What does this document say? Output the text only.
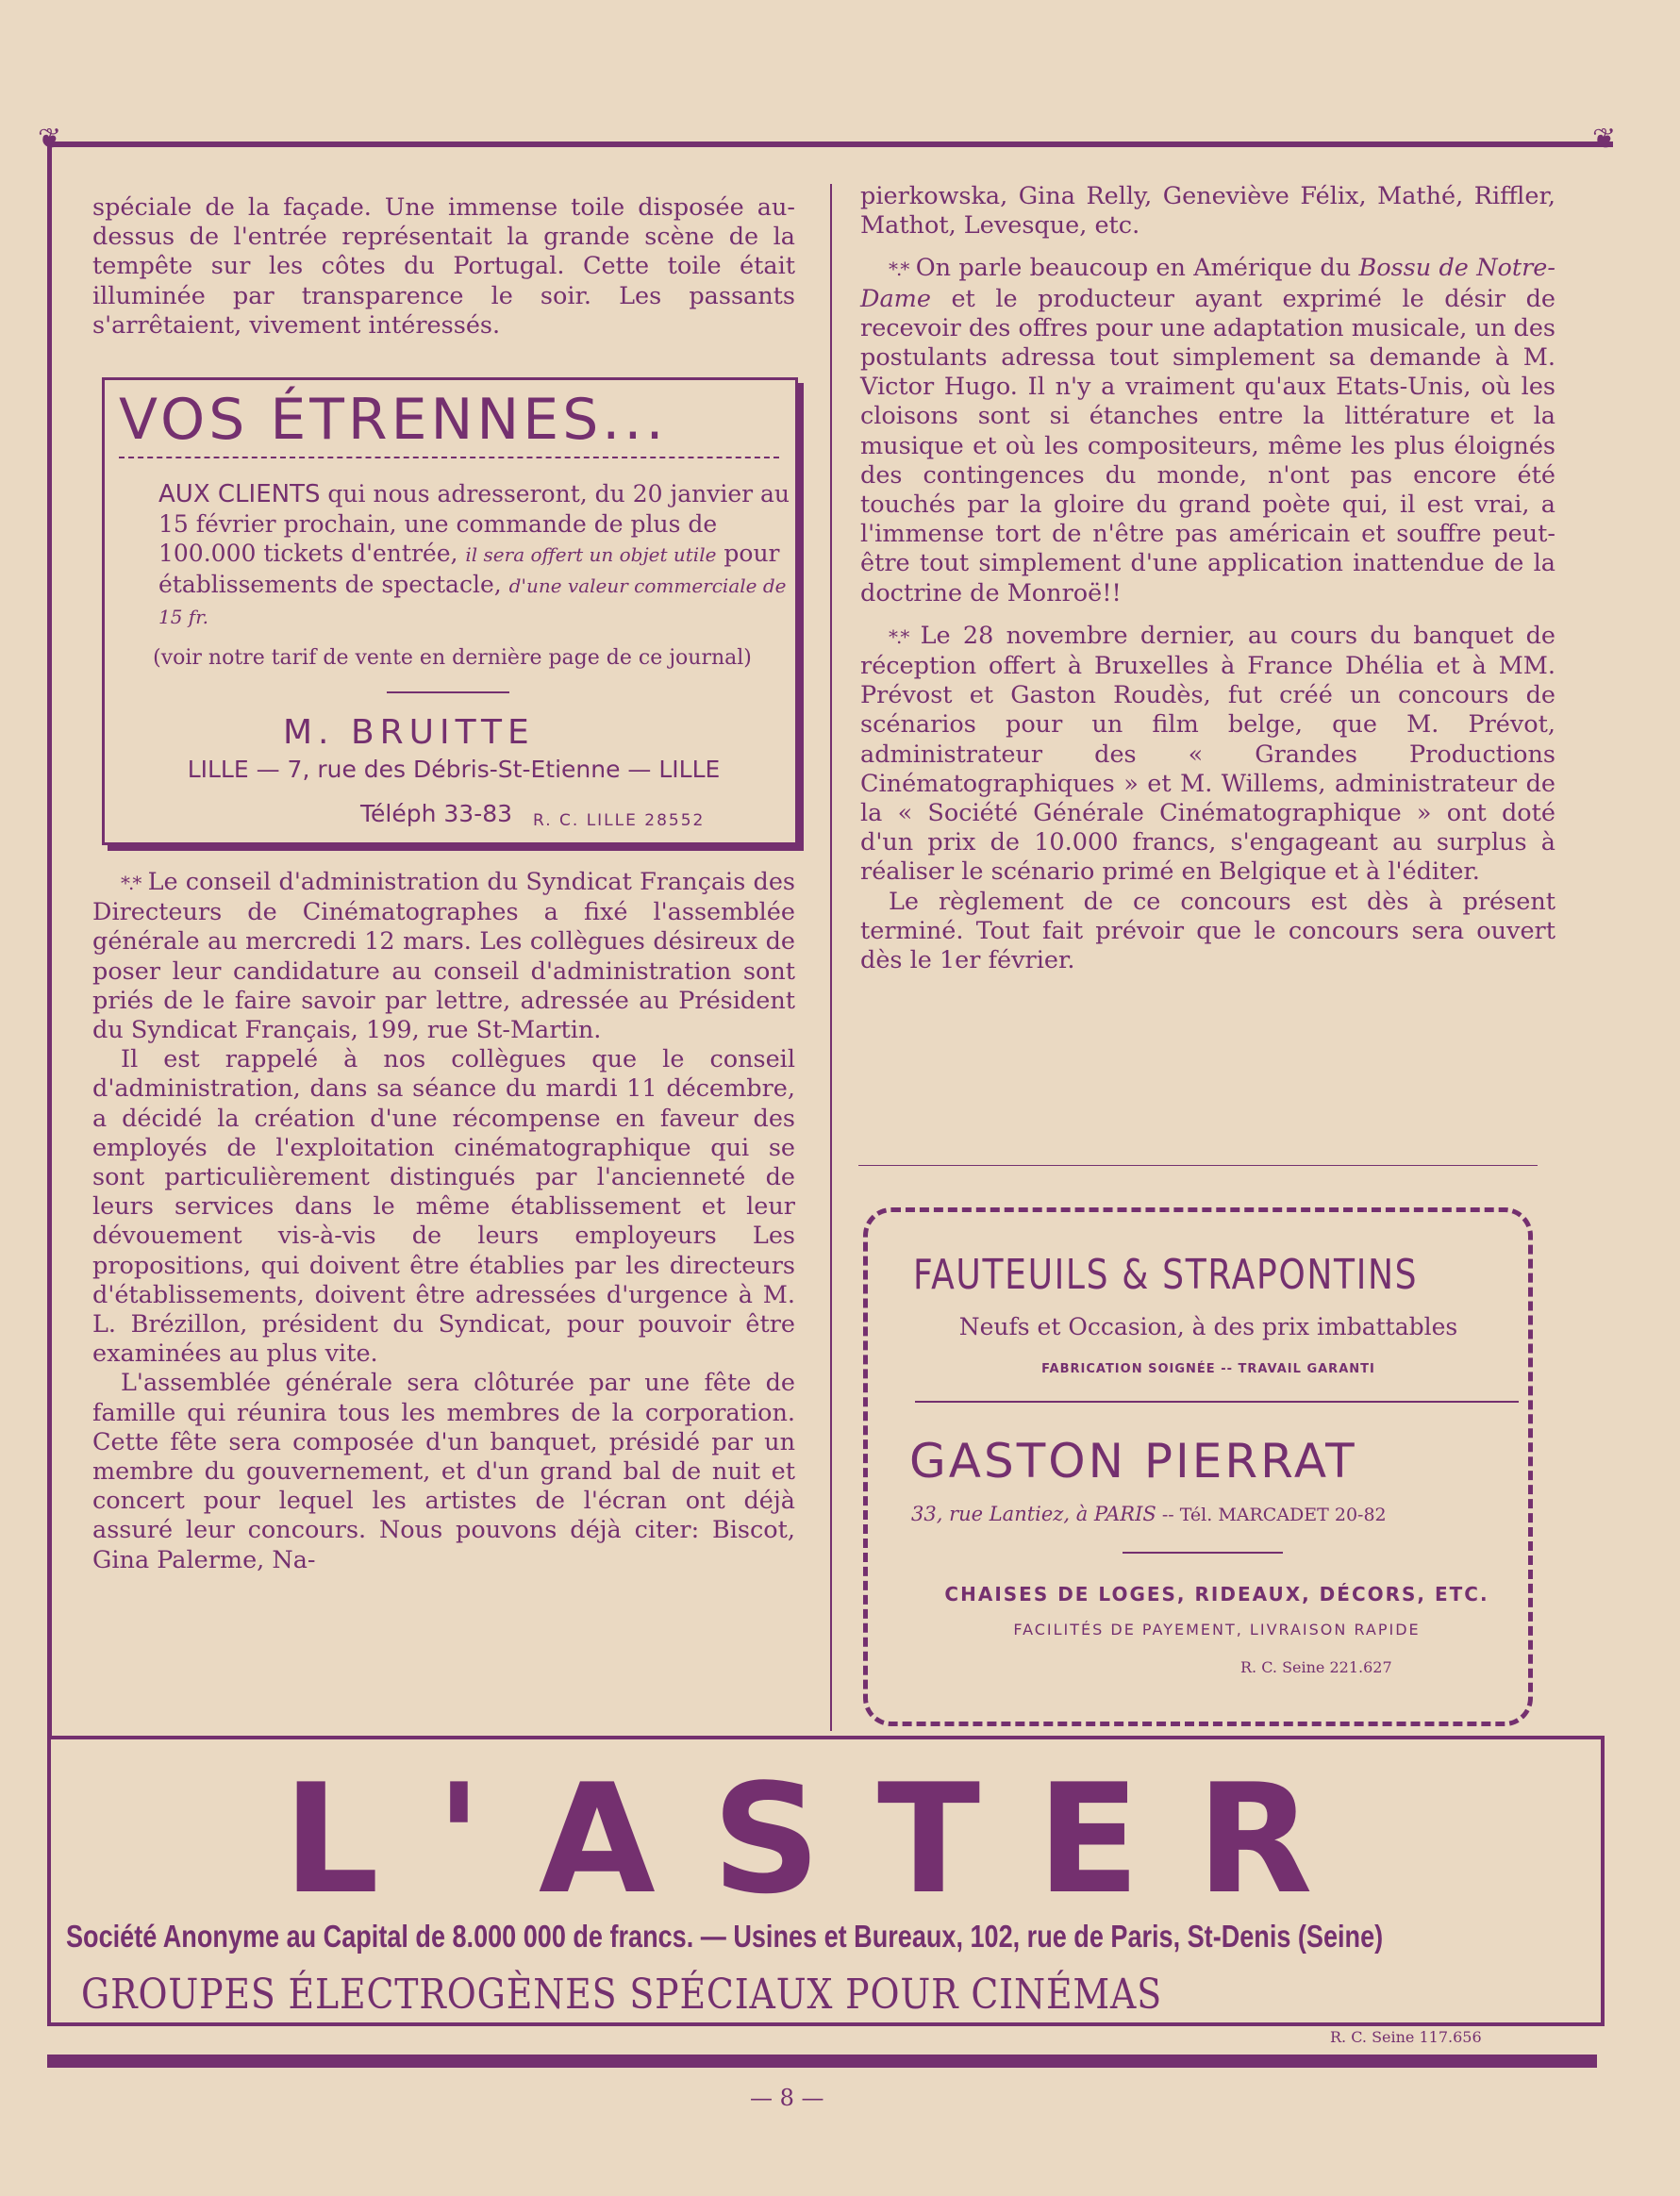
❦	❦

spéciale de la façade. Une immense toile disposée au-dessus de l'entrée représentait la grande scène de la tempête sur les côtes du Portugal. Cette toile était illuminée par transparence le soir. Les passants s'arrêtaient, vivement intéressés.

VOS ÉTRENNES...
AUX CLIENTS qui nous adresseront, du 20 janvier au 15 février prochain, une commande de plus de 100.000 tickets d'entrée, il sera offert un objet utile pour établissements de spectacle, d'une valeur commerciale de 15 fr.
(voir notre tarif de vente en dernière page de ce journal)
M. BRUITTE
LILLE — 7, rue des Débris-St-Etienne — LILLE
Téléph 33-83 R. C. LILLE 28552

*.* Le conseil d'administration du Syndicat Français des Directeurs de Cinématographes a fixé l'assemblée générale au mercredi 12 mars. Les collègues désireux de poser leur candidature au conseil d'administration sont priés de le faire savoir par lettre, adressée au Président du Syndicat Français, 199, rue St-Martin.

Il est rappelé à nos collègues que le conseil d'administration, dans sa séance du mardi 11 décembre, a décidé la création d'une récompense en faveur des employés de l'exploitation cinématographique qui se sont particulièrement distingués par l'ancienneté de leurs services dans le même établissement et leur dévouement vis-à-vis de leurs employeurs Les propositions, qui doivent être établies par les directeurs d'établissements, doivent être adressées d'urgence à M. L. Brézillon, président du Syndicat, pour pouvoir être examinées au plus vite.

L'assemblée générale sera clôturée par une fête de famille qui réunira tous les membres de la corporation. Cette fête sera composée d'un banquet, présidé par un membre du gouvernement, et d'un grand bal de nuit et concert pour lequel les artistes de l'écran ont déjà assuré leur concours. Nous pouvons déjà citer: Biscot, Gina Palerme, Na-

pierkowska, Gina Relly, Geneviève Félix, Mathé, Riffler, Mathot, Levesque, etc.

*.* On parle beaucoup en Amérique du Bossu de Notre-Dame et le producteur ayant exprimé le désir de recevoir des offres pour une adaptation musicale, un des postulants adressa tout simplement sa demande à M. Victor Hugo. Il n'y a vraiment qu'aux Etats-Unis, où les cloisons sont si étanches entre la littérature et la musique et où les compositeurs, même les plus éloignés des contingences du monde, n'ont pas encore été touchés par la gloire du grand poète qui, il est vrai, a l'immense tort de n'être pas américain et souffre peut-être tout simplement d'une application inattendue de la doctrine de Monroë!!

*.* Le 28 novembre dernier, au cours du banquet de réception offert à Bruxelles à France Dhélia et à MM. Prévost et Gaston Roudès, fut créé un concours de scénarios pour un film belge, que M. Prévot, administrateur des « Grandes Productions Cinématographiques » et M. Willems, administrateur de la « Société Générale Cinématographique » ont doté d'un prix de 10.000 francs, s'engageant au surplus à réaliser le scénario primé en Belgique et à l'éditer.

Le règlement de ce concours est dès à présent terminé. Tout fait prévoir que le concours sera ouvert dès le 1er février.

FAUTEUILS & STRAPONTINS
Neufs et Occasion, à des prix imbattables
FABRICATION SOIGNÉE -- TRAVAIL GARANTI
GASTON PIERRAT
33, rue Lantiez, à PARIS -- Tél. MARCADET 20-82
CHAISES DE LOGES, RIDEAUX, DÉCORS, ETC.
FACILITÉS DE PAYEMENT, LIVRAISON RAPIDE
R. C. Seine 221.627
L'ASTER
Société Anonyme au Capital de 8.000 000 de francs. — Usines et Bureaux, 102, rue de Paris, St-Denis (Seine)
GROUPES ÉLECTROGÈNES SPÉCIAUX POUR CINÉMAS
R. C. Seine 117.656
— 8 —
